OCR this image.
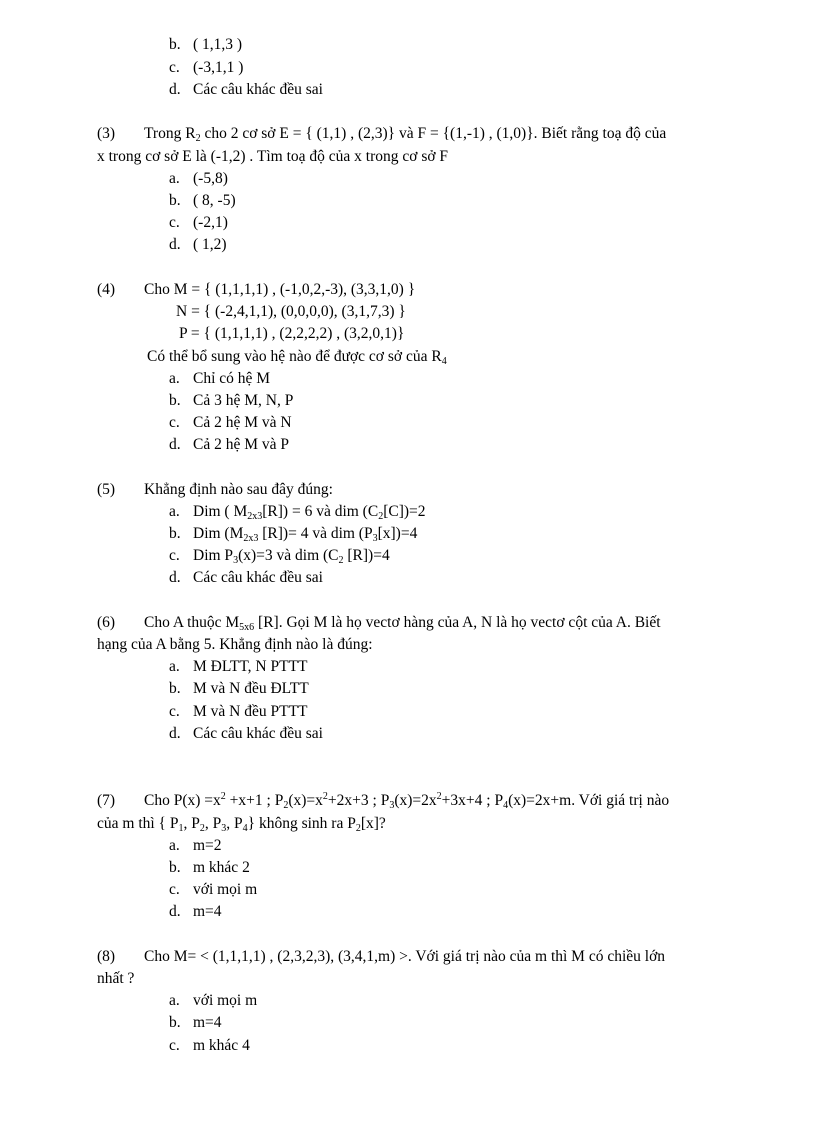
b. ( 1,1,3 )
c. (-3,1,1 )
d. Các câu khác đều sai
(3) Trong $R_2$ cho 2 cơ sở E = { (1,1) , (2,3)} và F = {(1,-1) , (1,0)}. Biết rằng toạ độ của
x trong cơ sở E là (-1,2) . Tìm toạ độ của x trong cơ sở F
a. (-5,8)
b. ( 8, -5)
c. (-2,1)
d. ( 1,2)
(4) Cho M = { (1,1,1,1) , (-1,0,2,-3), (3,3,1,0) }
N = { (-2,4,1,1), (0,0,0,0), (3,1,7,3) }
P = { (1,1,1,1) , (2,2,2,2) , (3,2,0,1)}
Có thể bổ sung vào hệ nào để được cơ sở của $R_4$
a. Chỉ có hệ M
b. Cả 3 hệ M, N, P
c. Cả 2 hệ M và N
d. Cả 2 hệ M và P
(5) Khẳng định nào sau đây đúng:
a. Dim ( $M_{2x3}[R]) = 6$ và dim $(C_2[C])=2$
b. Dim ($M_{2x3}$ [R])= 4 và dim $(P_3[x])=4$
c. Dim $P_3(x)=3$ và dim ($C_2$ [R])=4
d. Các câu khác đều sai
(6) Cho A thuộc $M_{5x6}$ [R]. Gọi M là họ vectơ hàng của A, N là họ vectơ cột của A. Biết
hạng của A bằng 5. Khẳng định nào là đúng:
a. M ĐLTT, N PTTT
b. M và N đều ĐLTT
c. M và N đều PTTT
d. Các câu khác đều sai
(7) Cho $P(x) =x^2 +x+1$ ; $P_2(x)=x^2+2x+3$ ; $P_3(x)=2x^2+3x+4$ ; $P_4(x)=2x+m$. Với giá trị nào
của m thì { $P_1$, $P_2$, $P_3$, $P_4$} không sinh ra $P_2[x]$?
a. m=2
b. m khác 2
c. với mọi m
d. m=4
(8) Cho M= < (1,1,1,1) , (2,3,2,3), (3,4,1,m) >. Với giá trị nào của m thì M có chiều lớn
nhất ?
a. với mọi m
b. m=4
c. m khác 4
